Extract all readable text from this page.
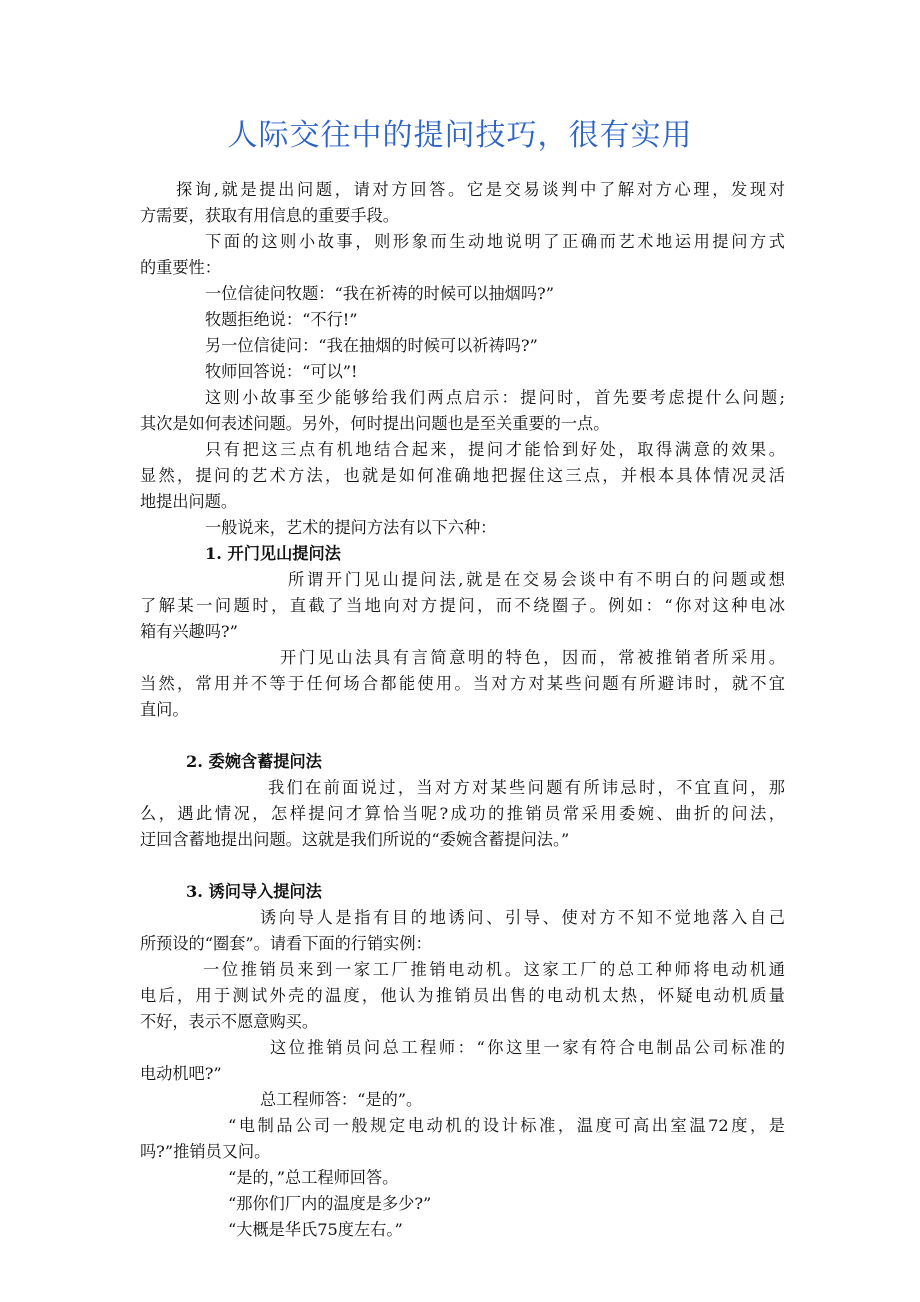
人际交往中的提问技巧，很有实用

探询,就是提出问题，请对方回答。它是交易谈判中了解对方心理，发现对

方需要，获取有用信息的重要手段。

下面的这则小故事，则形象而生动地说明了正确而艺术地运用提问方式

的重要性：

一位信徒问牧题：“我在祈祷的时候可以抽烟吗?”

牧题拒绝说：“不行!”

另一位信徒问：“我在抽烟的时候可以祈祷吗?”

牧师回答说：“可以”!

这则小故事至少能够给我们两点启示：提问时，首先要考虑提什么问题;

其次是如何表述问题。另外，何时提出问题也是至关重要的一点。

只有把这三点有机地结合起来，提问才能恰到好处，取得满意的效果。

显然，提问的艺术方法，也就是如何准确地把握住这三点，并根本具体情况灵活

地提出问题。

一般说来，艺术的提问方法有以下六种：

1. 开门见山提问法

所谓开门见山提问法,就是在交易会谈中有不明白的问题或想

了解某一问题时，直截了当地向对方提问，而不绕圈子。例如：“你对这种电冰

箱有兴趣吗?”

开门见山法具有言简意明的特色，因而，常被推销者所采用。

当然，常用并不等于任何场合都能使用。当对方对某些问题有所避讳时，就不宜

直问。

2. 委婉含蓄提问法

我们在前面说过，当对方对某些问题有所讳忌时，不宜直问，那

么，遇此情况，怎样提问才算恰当呢?成功的推销员常采用委婉、曲折的问法，

迂回含蓄地提出问题。这就是我们所说的“委婉含蓄提问法。”

3. 诱问导入提问法

诱向导人是指有目的地诱问、引导、使对方不知不觉地落入自己

所预设的“圈套”。请看下面的行销实例：

一位推销员来到一家工厂推销电动机。这家工厂的总工种师将电动机通

电后，用于测试外壳的温度，他认为推销员出售的电动机太热，怀疑电动机质量

不好，表示不愿意购买。

这位推销员问总工程师：“你这里一家有符合电制品公司标准的

电动机吧?”

总工程师答：“是的”。

“电制品公司一般规定电动机的设计标准，温度可高出室温72度，是

吗?”推销员又问。

“是的，”总工程师回答。

“那你们厂内的温度是多少?”

“大概是华氏75度左右。”
